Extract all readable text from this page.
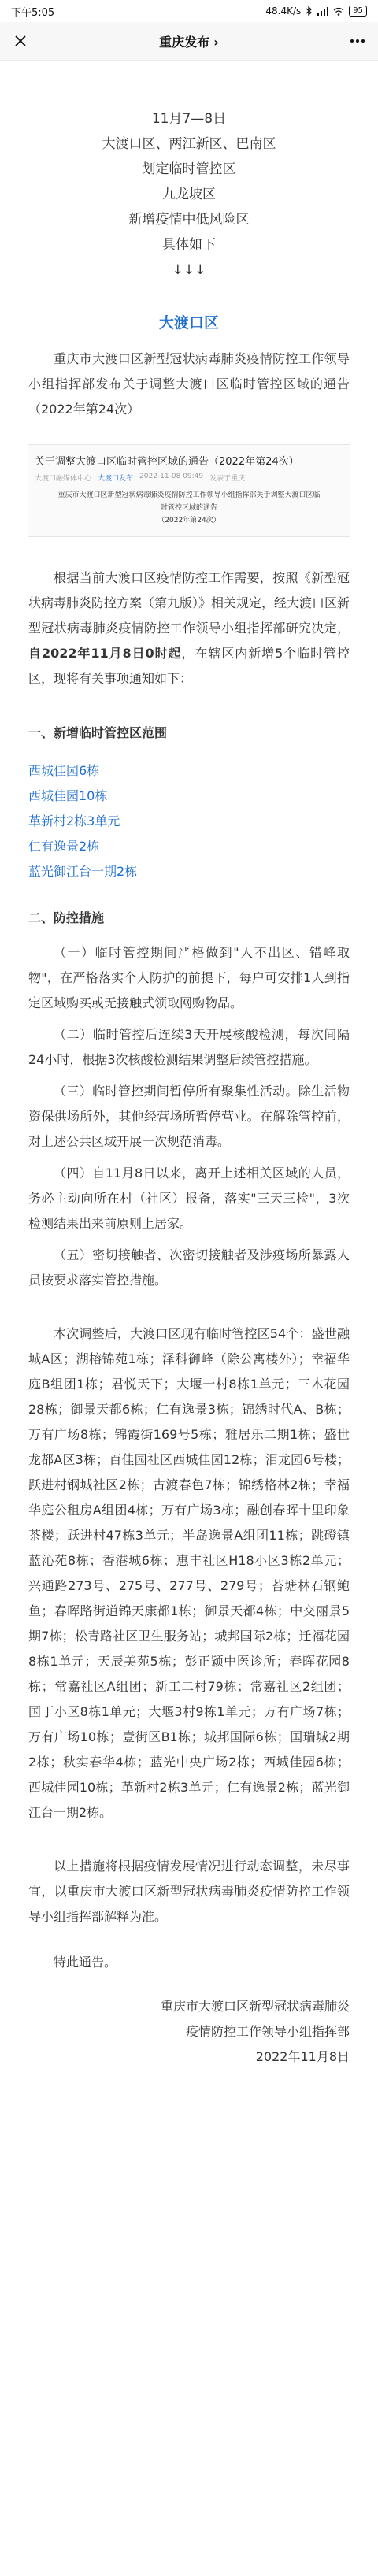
下午5:05	48.4K/s	95
重庆发布 ›
11月7—8日
大渡口区、两江新区、巴南区
划定临时管控区
九龙坡区
新增疫情中低风险区
具体如下
↓↓↓
大渡口区

重庆市大渡口区新型冠状病毒肺炎疫情防控工作领导小组指挥部发布关于调整大渡口区临时管控区域的通告（2022年第24次）

关于调整大渡口区临时管控区域的通告（2022年第24次）
大渡口融媒体中心 大渡口发布 2022-11-08 09:49 发表于重庆
重庆市大渡口区新型冠状病毒肺炎疫情防控工作领导小组指挥部关于调整大渡口区临
时管控区域的通告
（2022年第24次）

根据当前大渡口区疫情防控工作需要，按照《新型冠状病毒肺炎防控方案（第九版）》相关规定，经大渡口区新型冠状病毒肺炎疫情防控工作领导小组指挥部研究决定，自2022年11月8日0时起，在辖区内新增5个临时管控区，现将有关事项通知如下：

一、新增临时管控区范围
西城佳园6栋
西城佳园10栋
革新村2栋3单元
仁有逸景2栋
蓝光御江台一期2栋
二、防控措施

（一）临时管控期间严格做到"人不出区、错峰取物"，在严格落实个人防护的前提下，每户可安排1人到指定区域购买或无接触式领取网购物品。

（二）临时管控后连续3天开展核酸检测，每次间隔24小时，根据3次核酸检测结果调整后续管控措施。

（三）临时管控期间暂停所有聚集性活动。除生活物资保供场所外，其他经营场所暂停营业。在解除管控前，对上述公共区域开展一次规范消毒。

（四）自11月8日以来，离开上述相关区域的人员，务必主动向所在村（社区）报备，落实"三天三检"，3次检测结果出来前原则上居家。

（五）密切接触者、次密切接触者及涉疫场所暴露人员按要求落实管控措施。

本次调整后，大渡口区现有临时管控区54个：盛世融城A区；湖榕锦苑1栋；泽科御峰（除公寓楼外）；幸福华庭B组团1栋；君悦天下；大堰一村8栋1单元；三木花园28栋；御景天都6栋；仁有逸景3栋；锦绣时代A、B栋；万有广场8栋；锦霞街169号5栋；雅居乐二期1栋；盛世龙都A区3栋；百佳园社区西城佳园12栋；泪龙园6号楼；跃进村钢城社区2栋；古渡春色7栋；锦绣格林2栋；幸福华庭公租房A组团4栋；万有广场3栋；融创春晖十里印象茶楼；跃进村47栋3单元；半岛逸景A组团11栋；跳磴镇蓝沁苑8栋；香港城6栋；惠丰社区H18小区3栋2单元；兴通路273号、275号、277号、279号；苔塘林石钢鲍鱼；春晖路街道锦天康都1栋；御景天都4栋；中交丽景5期7栋；松青路社区卫生服务站；城邦国际2栋；迁福花园8栋1单元；天辰美苑5栋；彭正颖中医诊所；春晖花园8栋；常嘉社区A组团；新工二村79栋；常嘉社区2组团；国丁小区8栋1单元；大堰3村9栋1单元；万有广场7栋；万有广场10栋；壹街区B1栋；城邦国际6栋；国瑞城2期2栋；秋实春华4栋；蓝光中央广场2栋；西城佳园6栋；西城佳园10栋；革新村2栋3单元；仁有逸景2栋；蓝光御江台一期2栋。

以上措施将根据疫情发展情况进行动态调整，未尽事宜，以重庆市大渡口区新型冠状病毒肺炎疫情防控工作领导小组指挥部解释为准。

特此通告。

重庆市大渡口区新型冠状病毒肺炎
疫情防控工作领导小组指挥部
2022年11月8日
